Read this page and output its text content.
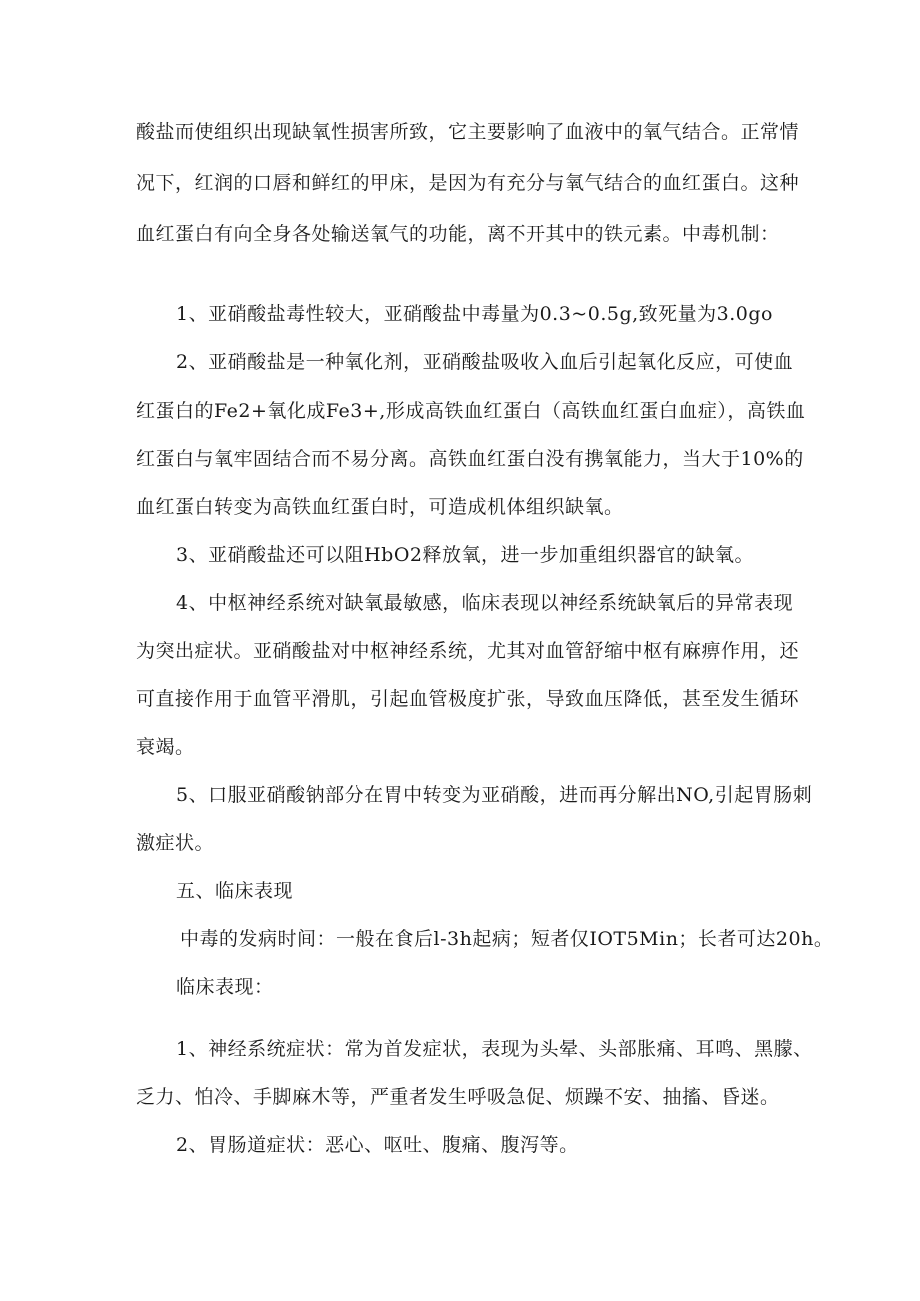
酸盐而使组织出现缺氧性损害所致，它主要影响了血液中的氧气结合。正常情
况下，红润的口唇和鲜红的甲床，是因为有充分与氧气结合的血红蛋白。这种
血红蛋白有向全身各处输送氧气的功能，离不开其中的铁元素。中毒机制：
1、亚硝酸盐毒性较大，亚硝酸盐中毒量为0.3~0.5g,致死量为3.0go
2、亚硝酸盐是一种氧化剂，亚硝酸盐吸收入血后引起氧化反应，可使血
红蛋白的Fe2+氧化成Fe3+,形成高铁血红蛋白（高铁血红蛋白血症），高铁血
红蛋白与氧牢固结合而不易分离。高铁血红蛋白没有携氧能力，当大于10%的
血红蛋白转变为高铁血红蛋白时，可造成机体组织缺氧。
3、亚硝酸盐还可以阻HbO2释放氧，进一步加重组织器官的缺氧。
4、中枢神经系统对缺氧最敏感，临床表现以神经系统缺氧后的异常表现
为突出症状。亚硝酸盐对中枢神经系统，尤其对血管舒缩中枢有麻痹作用，还
可直接作用于血管平滑肌，引起血管极度扩张，导致血压降低，甚至发生循环
衰竭。
5、口服亚硝酸钠部分在胃中转变为亚硝酸，进而再分解出NO,引起胃肠刺
激症状。
五、临床表现
中毒的发病时间：一般在食后l-3h起病；短者仅IOT5Min；长者可达20h。
临床表现：
1、神经系统症状：常为首发症状，表现为头晕、头部胀痛、耳鸣、黑朦、
乏力、怕冷、手脚麻木等，严重者发生呼吸急促、烦躁不安、抽搐、昏迷。
2、胃肠道症状：恶心、呕吐、腹痛、腹泻等。
